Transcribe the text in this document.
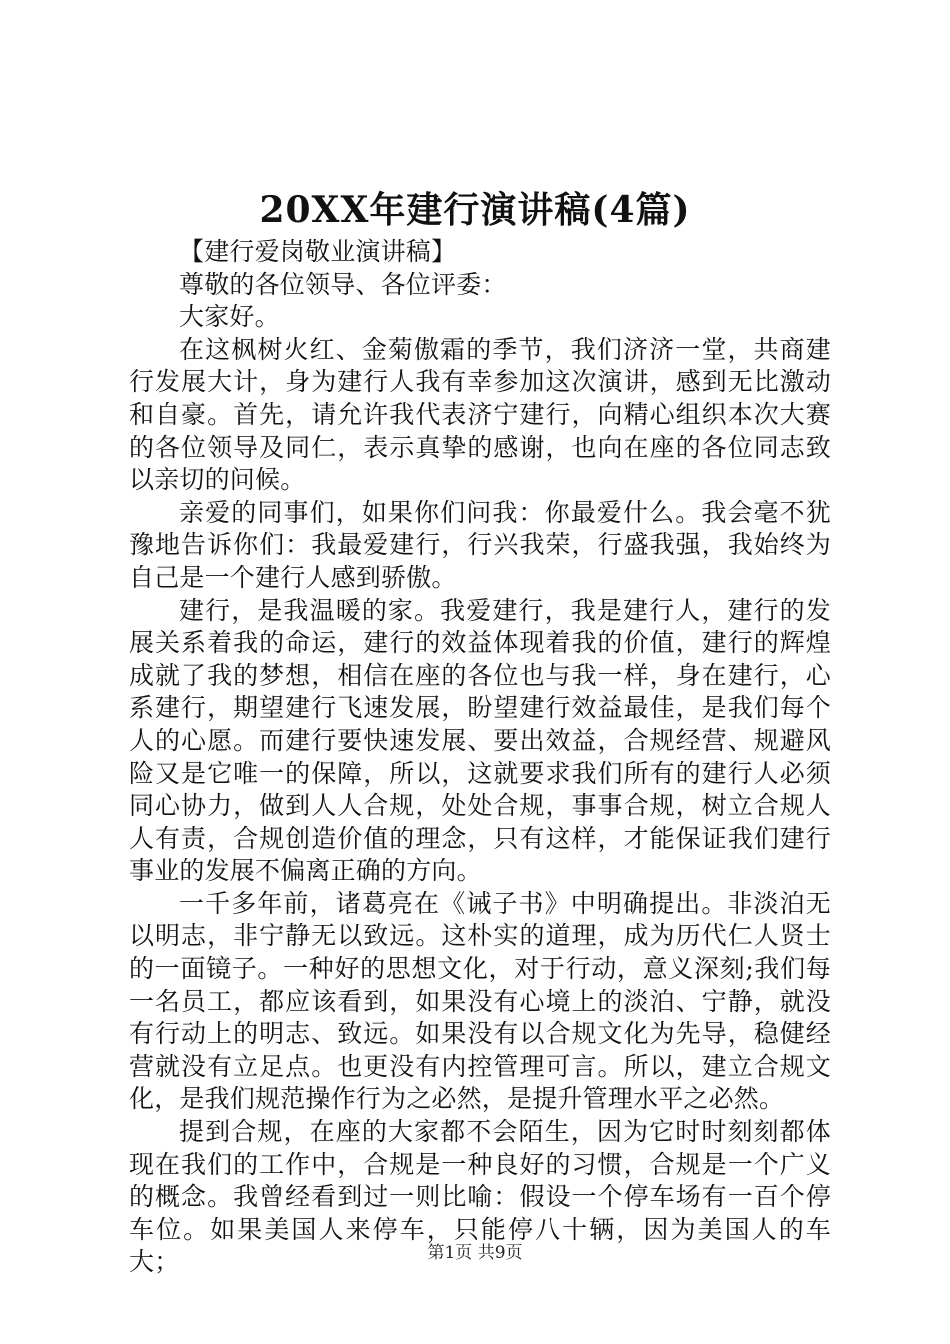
20XX年建行演讲稿(4篇)

【建行爱岗敬业演讲稿】

尊敬的各位领导、各位评委：

大家好。

在这枫树火红、金菊傲霜的季节，我们济济一堂，共商建行发展大计，身为建行人我有幸参加这次演讲，感到无比激动和自豪。首先，请允许我代表济宁建行，向精心组织本次大赛的各位领导及同仁，表示真挚的感谢，也向在座的各位同志致以亲切的问候。

亲爱的同事们，如果你们问我：你最爱什么。我会毫不犹豫地告诉你们：我最爱建行，行兴我荣，行盛我强，我始终为自己是一个建行人感到骄傲。

建行，是我温暖的家。我爱建行，我是建行人，建行的发展关系着我的命运，建行的效益体现着我的价值，建行的辉煌成就了我的梦想，相信在座的各位也与我一样，身在建行，心系建行，期望建行飞速发展，盼望建行效益最佳，是我们每个人的心愿。而建行要快速发展、要出效益，合规经营、规避风险又是它唯一的保障，所以，这就要求我们所有的建行人必须同心协力，做到人人合规，处处合规，事事合规，树立合规人人有责，合规创造价值的理念，只有这样，才能保证我们建行事业的发展不偏离正确的方向。

一千多年前，诸葛亮在《诫子书》中明确提出。非淡泊无以明志，非宁静无以致远。这朴实的道理，成为历代仁人贤士的一面镜子。一种好的思想文化，对于行动，意义深刻;我们每一名员工，都应该看到，如果没有心境上的淡泊、宁静，就没有行动上的明志、致远。如果没有以合规文化为先导，稳健经营就没有立足点。也更没有内控管理可言。所以，建立合规文化，是我们规范操作行为之必然，是提升管理水平之必然。

提到合规，在座的大家都不会陌生，因为它时时刻刻都体现在我们的工作中，合规是一种良好的习惯，合规是一个广义的概念。我曾经看到过一则比喻：假设一个停车场有一百个停车位。如果美国人来停车，只能停八十辆，因为美国人的车大；	第1页 共9页
